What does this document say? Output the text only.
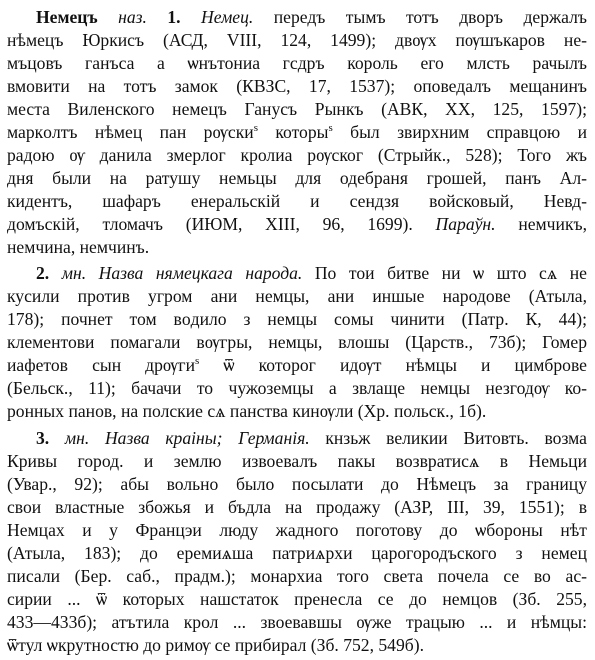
Немецъ наз. 1. Немец. передъ тымъ тотъ дворъ держалъ
нѣмецъ Юркисъ (АСД, VIII, 124, 1499); двѹх пѹшъкаров не-
мъцовъ ганъса а ѡнътониа гсдръ король его млсть рачылъ
вмовити на тотъ замок (КВЗС, 17, 1537); оповедалъ мещанинъ
места Виленского немецъ Ганусъ Рынкъ (АВК, XX, 125, 1597);
маркoлтъ нѣмец пан рѹски$^s$ которы$^s$ был звирхним справцою и
радою ѹ данила змерлог кролиа рѹског (Стрыйк., 528); Того жъ
дня были на ратушу немьцы для одебраня грошей, панъ Ал-
кидентъ, шафаръ енеральскій и сендзя войсковый, Невд-
домъскій, тломачъ (ИЮМ, XIII, 96, 1699). Параўн. немчикъ,
немчина, немчинъ.
2. мн. Назва нямецкага народа. По тои битве ни ѡ што сѧ не
кусили против угром ани немцы, ани иншые народове (Атыла,
178); почнет том вoдило з немцы сoмы чинити (Патр. К, 44);
клементови помагали вѹгры, немцы, влошы (Царств., 73б); Гомер
иафетов сын дрѹги$^s$ ѿ которог идѹт нѣмцы и цимброве
(Бельск., 11); бачачи то чужоземцы а звлаще немцы незгодѹ ко-
ронных панов, на полскиe сѧ панства кинѹли (Хр. польск., 1б).
3. мн. Назва краіны; Германія. кнзьж великии Витовть. возма
Кривы город. и землю извоевалъ пакы возвратисѧ в Немьци
(Увар., 92); абы вольно было посылати до Нѣмецъ за границу
свои властные збожья и бъдла на продажу (АЗР, III, 39, 1551); в
Немцах и у Францэи люду жадного поготову до ѡбороны нѣт
(Атыла, 183); до еремиѧша патриѧрхи царогородъского з немец
писали (Бер. саб., прадм.); монархиа того света почела се во ас-
сирии ... ѿ которых нашстаток пренесла се до немцов (Зб. 255,
433—433б); атътила крол ... звоевавшы ѹже трацыю ... и нѣмцы:
ѿтул ѡкрутностю до римѹ се прибирал (Зб. 752, 549б).
